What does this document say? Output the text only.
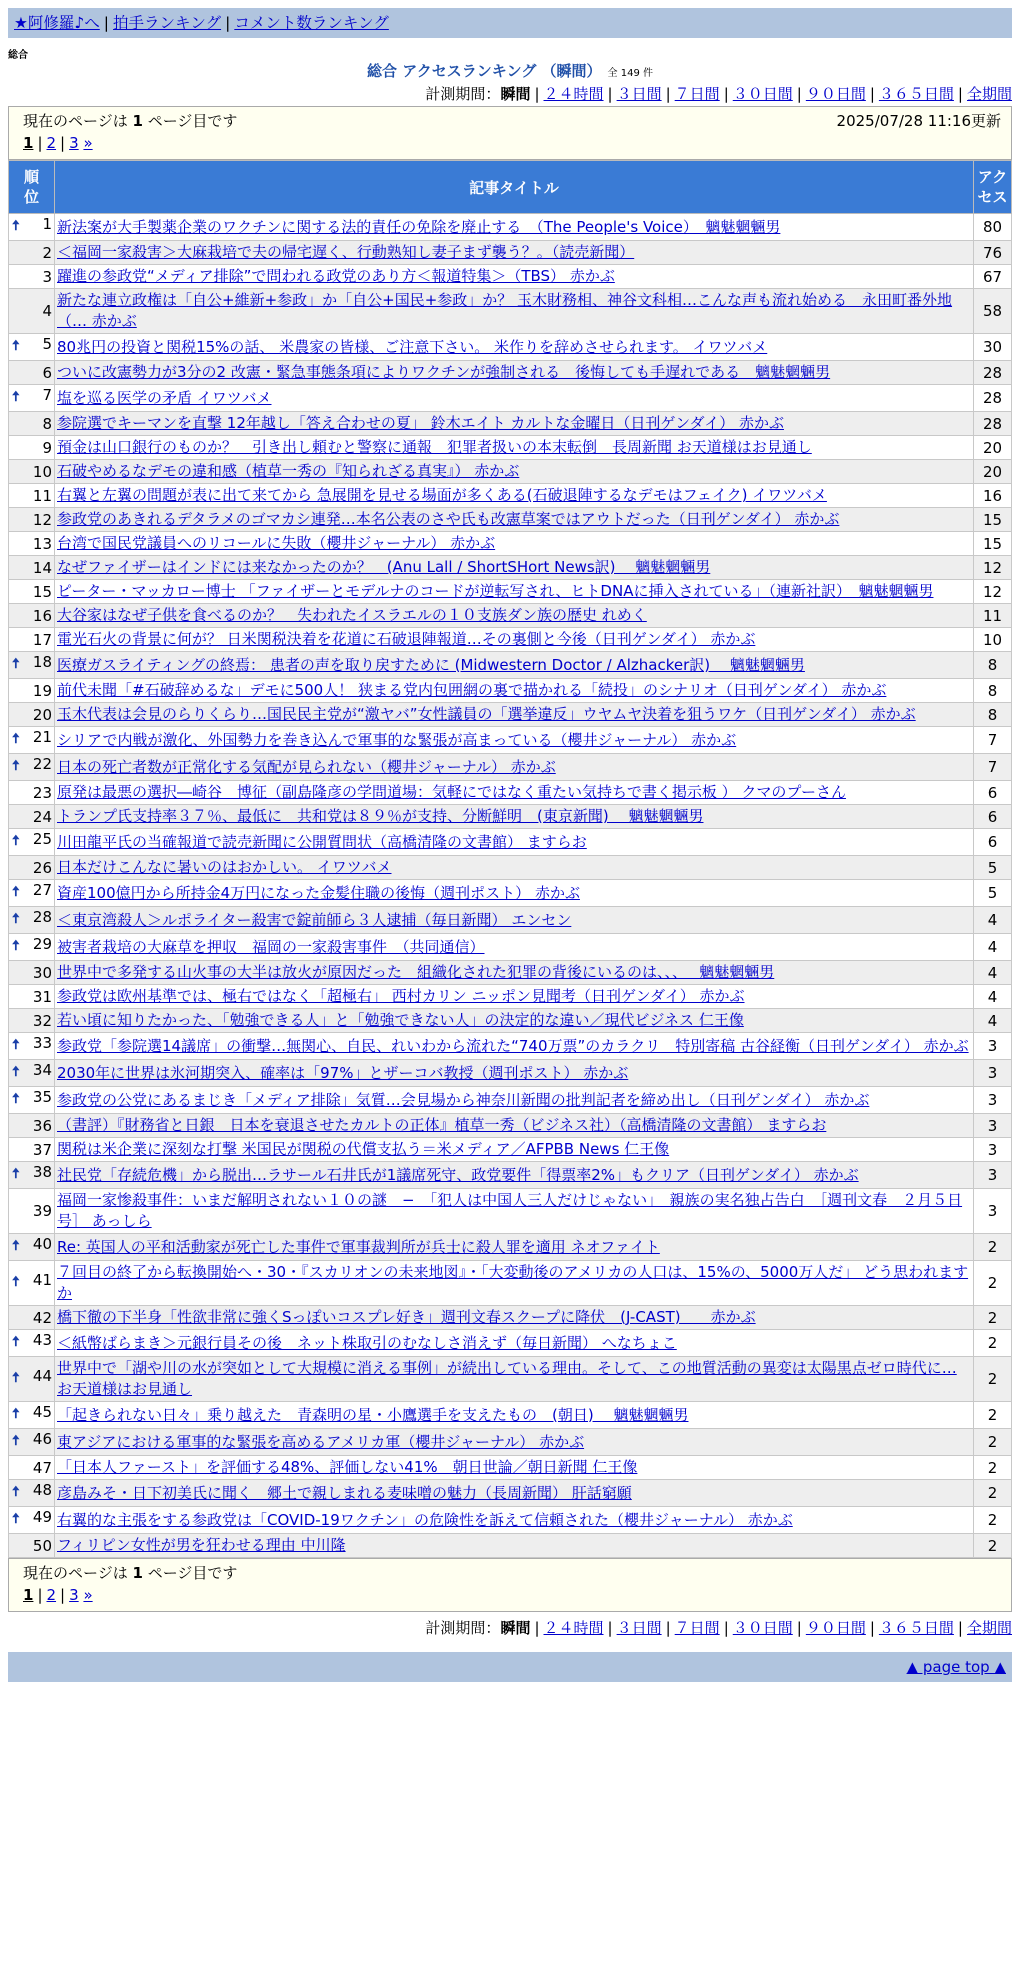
★阿修羅♪へ | 拍手ランキング | コメント数ランキング
総合
総合 アクセスランキング （瞬間） 全 149 件
計測期間：瞬間 | ２４時間 | ３日間 | ７日間 | ３０日間 | ９０日間 | ３６５日間 | 全期間
現在のページは 1 ページ目です	2025/07/28 11:16更新
1 | 2 | 3 »
順位	記事タイトル	アクセス

🠅 1	新法案が大手製薬企業のワクチンに関する法的責任の免除を廃止する　（The People's Voice）　魑魅魍魎男	80
2	＜福岡一家殺害＞大麻栽培で夫の帰宅遅く、行動熟知し妻子まず襲う？。（読売新聞）	76
3	躍進の参政党“メディア排除”で問われる政党のあり方＜報道特集＞（TBS） 赤かぶ	67
4	新たな連立政権は「自公+維新+参政」か「自公+国民+参政」か？ 玉木財務相、神谷文科相…こんな声も流れ始める　永田町番外地（… 赤かぶ	58

🠅 5	80兆円の投資と関税15%の話、 米農家の皆様、ご注意下さい。 米作りを辞めさせられます。 イワツバメ	30
6	ついに改憲勢力が3分の2 改憲・緊急事態条項によりワクチンが強制される　後悔しても手遅れである　魑魅魍魎男	28

🠅 7	塩を巡る医学の矛盾 イワツバメ	28
8	参院選でキーマンを直撃 12年越し「答え合わせの夏」 鈴木エイト カルトな金曜日（日刊ゲンダイ） 赤かぶ	28
9	預金は山口銀行のものか？　引き出し頼むと警察に通報　犯罪者扱いの本末転倒　長周新聞 お天道様はお見通し	20
10	石破やめるなデモの違和感（植草一秀の『知られざる真実』） 赤かぶ	20
11	右翼と左翼の問題が表に出て来てから 急展開を見せる場面が多くある(石破退陣するなデモはフェイク) イワツバメ	16
12	参政党のあきれるデタラメのゴマカシ連発…本名公表のさや氏も改憲草案ではアウトだった（日刊ゲンダイ） 赤かぶ	15
13	台湾で国民党議員へのリコールに失敗（櫻井ジャーナル） 赤かぶ	15
14	なぜファイザーはインドには来なかったのか？　(Anu Lall / ShortSHort News訳)　 魑魅魍魎男	12
15	ピーター・マッカロー博士 「ファイザーとモデルナのコードが逆転写され、ヒトDNAに挿入されている」（連新社訳）　魑魅魍魎男	12
16	大谷家はなぜ子供を食べるのか？　失われたイスラエルの１０支族ダン族の歴史 れめく	11
17	電光石火の背景に何が？ 日米関税決着を花道に石破退陣報道…その裏側と今後（日刊ゲンダイ） 赤かぶ	10

🠅 18	医療ガスライティングの終焉： 患者の声を取り戻すために (Midwestern Doctor / Alzhacker訳)　 魑魅魍魎男	8
19	前代未聞「#石破辞めるな」デモに500人！ 狭まる党内包囲網の裏で描かれる「続投」のシナリオ（日刊ゲンダイ） 赤かぶ	8
20	玉木代表は会見のらりくらり…国民民主党が“激ヤバ”女性議員の「選挙違反」ウヤムヤ決着を狙うワケ（日刊ゲンダイ） 赤かぶ	8

🠅 21	シリアで内戦が激化、外国勢力を巻き込んで軍事的な緊張が高まっている（櫻井ジャーナル） 赤かぶ	7

🠅 22	日本の死亡者数が正常化する気配が見られない（櫻井ジャーナル） 赤かぶ	7
23	原発は最悪の選択―崎谷　博征（副島隆彦の学問道場：気軽にではなく重たい気持ちで書く掲示板 ） クマのプーさん	6
24	トランプ氏支持率３７％、最低に　共和党は８９％が支持、分断鮮明　(東京新聞)　 魑魅魍魎男	6

🠅 25	川田龍平氏の当確報道で読売新聞に公開質問状（高橋清隆の文書館） ますらお	6
26	日本だけこんなに暑いのはおかしい。 イワツバメ	5

🠅 27	資産100億円から所持金4万円になった金髪住職の後悔（週刊ポスト） 赤かぶ	5

🠅 28	＜東京湾殺人＞ルポライター殺害で錠前師ら３人逮捕（毎日新聞） エンセン	4

🠅 29	被害者栽培の大麻草を押収　福岡の一家殺害事件　（共同通信）	4
30	世界中で多発する山火事の大半は放火が原因だった　組織化された犯罪の背後にいるのは、、、　 魑魅魍魎男	4
31	参政党は欧州基準では、極右ではなく「超極右」 西村カリン ニッポン見聞考（日刊ゲンダイ） 赤かぶ	4
32	若い頃に知りたかった、「勉強できる人」と「勉強できない人」の決定的な違い／現代ビジネス 仁王像	4

🠅 33	参政党「参院選14議席」の衝撃…無関心、自民、れいわから流れた“740万票”のカラクリ　特別寄稿 古谷経衡（日刊ゲンダイ） 赤かぶ	3

🠅 34	2030年に世界は氷河期突入、確率は「97%」とザーコバ教授（週刊ポスト） 赤かぶ	3

🠅 35	参政党の公党にあるまじき「メディア排除」気質…会見場から神奈川新聞の批判記者を締め出し（日刊ゲンダイ） 赤かぶ	3
36	（書評）『財務省と日銀　日本を衰退させたカルトの正体』植草一秀（ビジネス社）（高橋清隆の文書館） ますらお	3
37	関税は米企業に深刻な打撃 米国民が関税の代償支払う＝米メディア／AFPBB News 仁王像	3

🠅 38	社民党「存続危機」から脱出…ラサール石井氏が1議席死守、政党要件「得票率2%」もクリア（日刊ゲンダイ） 赤かぶ	3
39	福岡一家惨殺事件：いまだ解明されない１０の謎　−　「犯人は中国人三人だけじゃない」　親族の実名独占告白　［週刊文春　２月５日号］ あっしら	3

🠅 40	Re: 英国人の平和活動家が死亡した事件で軍事裁判所が兵士に殺人罪を適用 ネオファイト	2

🠅 41	７回目の終了から転換開始へ・30・『スカリオンの未来地図』・「大変動後のアメリカの人口は、15%の、5000万人だ」 どう思われますか	2
42	橋下徹の下半身「性欲非常に強くSっぽいコスプレ好き」週刊文春スクープに降伏　(J-CAST)　　赤かぶ	2

🠅 43	＜紙幣ばらまき＞元銀行員その後　ネット株取引のむなしさ消えず（毎日新聞） へなちょこ	2

🠅 44	世界中で「湖や川の水が突如として大規模に消える事例」が続出している理由。そして、この地質活動の異変は太陽黒点ゼロ時代に… お天道様はお見通し	2

🠅 45	「起きられない日々」乗り越えた　青森明の星・小鷹選手を支えたもの　(朝日)　 魑魅魍魎男	2

🠅 46	東アジアにおける軍事的な緊張を高めるアメリカ軍（櫻井ジャーナル） 赤かぶ	2
47	「日本人ファースト」を評価する48%、評価しない41%　朝日世論／朝日新聞 仁王像	2

🠅 48	彦島みそ・日下初美氏に聞く　郷土で親しまれる麦味噌の魅力（長周新聞） 肝話窮願	2

🠅 49	右翼的な主張をする参政党は「COVID-19ワクチン」の危険性を訴えて信頼された（櫻井ジャーナル） 赤かぶ	2
50	フィリピン女性が男を狂わせる理由 中川隆	2
現在のページは 1 ページ目です
1 | 2 | 3 »
計測期間：瞬間 | ２４時間 | ３日間 | ７日間 | ３０日間 | ９０日間 | ３６５日間 | 全期間
▲ page top ▲
